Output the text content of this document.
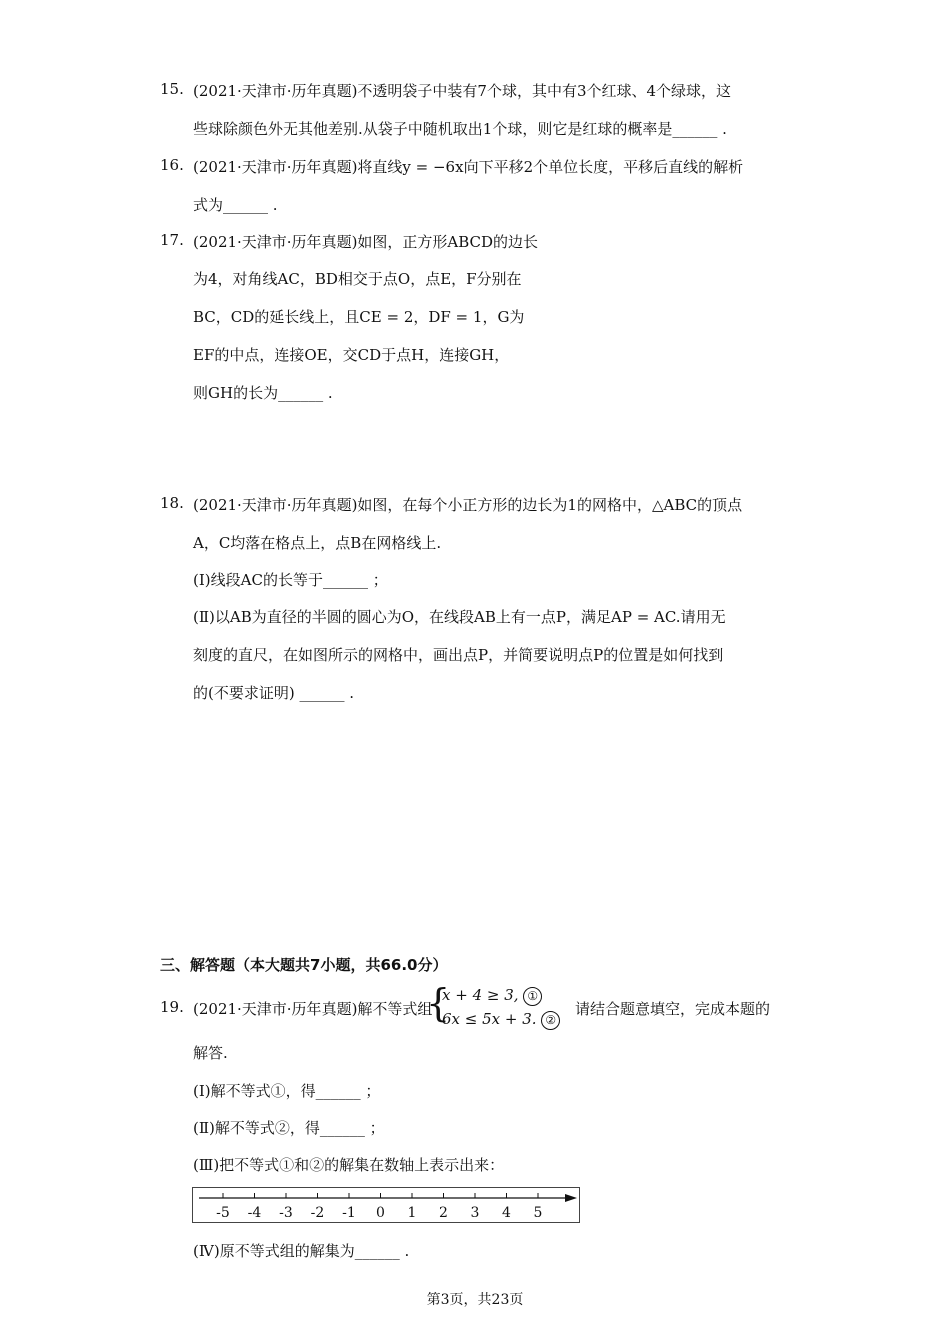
15. (2021·天津市·历年真题)不透明袋子中装有7个球，其中有3个红球、4个绿球，这
些球除颜色外无其他差别.从袋子中随机取出1个球，则它是红球的概率是______ .
16. (2021·天津市·历年真题)将直线y = −6x向下平移2个单位长度，平移后直线的解析
式为______ .
17. (2021·天津市·历年真题)如图，正方形ABCD的边长
为4，对角线AC，BD相交于点O，点E，F分别在
BC，CD的延长线上，且CE = 2，DF = 1，G为
EF的中点，连接OE，交CD于点H，连接GH，
则GH的长为______ .
18. (2021·天津市·历年真题)如图，在每个小正方形的边长为1的网格中，△ABC的顶点
A，C均落在格点上，点B在网格线上.
(Ⅰ)线段AC的长等于______ ；
(Ⅱ)以AB为直径的半圆的圆心为O，在线段AB上有一点P，满足AP = AC.请用无
刻度的直尺，在如图所示的网格中，画出点P，并简要说明点P的位置是如何找到
的(不要求证明) ______ .
三、解答题（本大题共7小题，共66.0分）
19. (2021·天津市·历年真题)解不等式组
{
x + 4 ≥ 3, ①
6x ≤ 5x + 3. ②
请结合题意填空，完成本题的
解答.
(Ⅰ)解不等式①，得______ ；
(Ⅱ)解不等式②，得______ ；
(Ⅲ)把不等式①和②的解集在数轴上表示出来：
-5 -4 -3 -2 -1 0 1 2 3 4 5
(Ⅳ)原不等式组的解集为______ .
第3页，共23页
